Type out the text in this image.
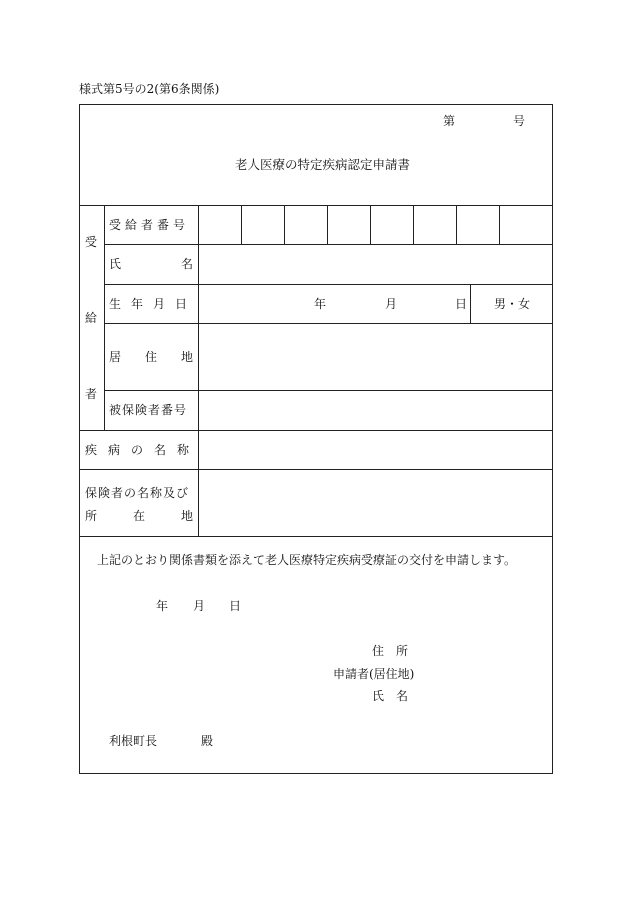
様式第5号の2(第6条関係)
第	号
老人医療の特定疾病認定申請書
受
給
者
受給者番号
氏	名
生年月日	年	月	日 男・女
居 住 地
被保険者番号
疾病の名称
保険者の名称及び
所	在	地
上記のとおり関係書類を添えて老人医療特定疾病受療証の交付を申請します。
年 月 日
住　所
申請者(居住地)
氏　名
利根町長	殿
